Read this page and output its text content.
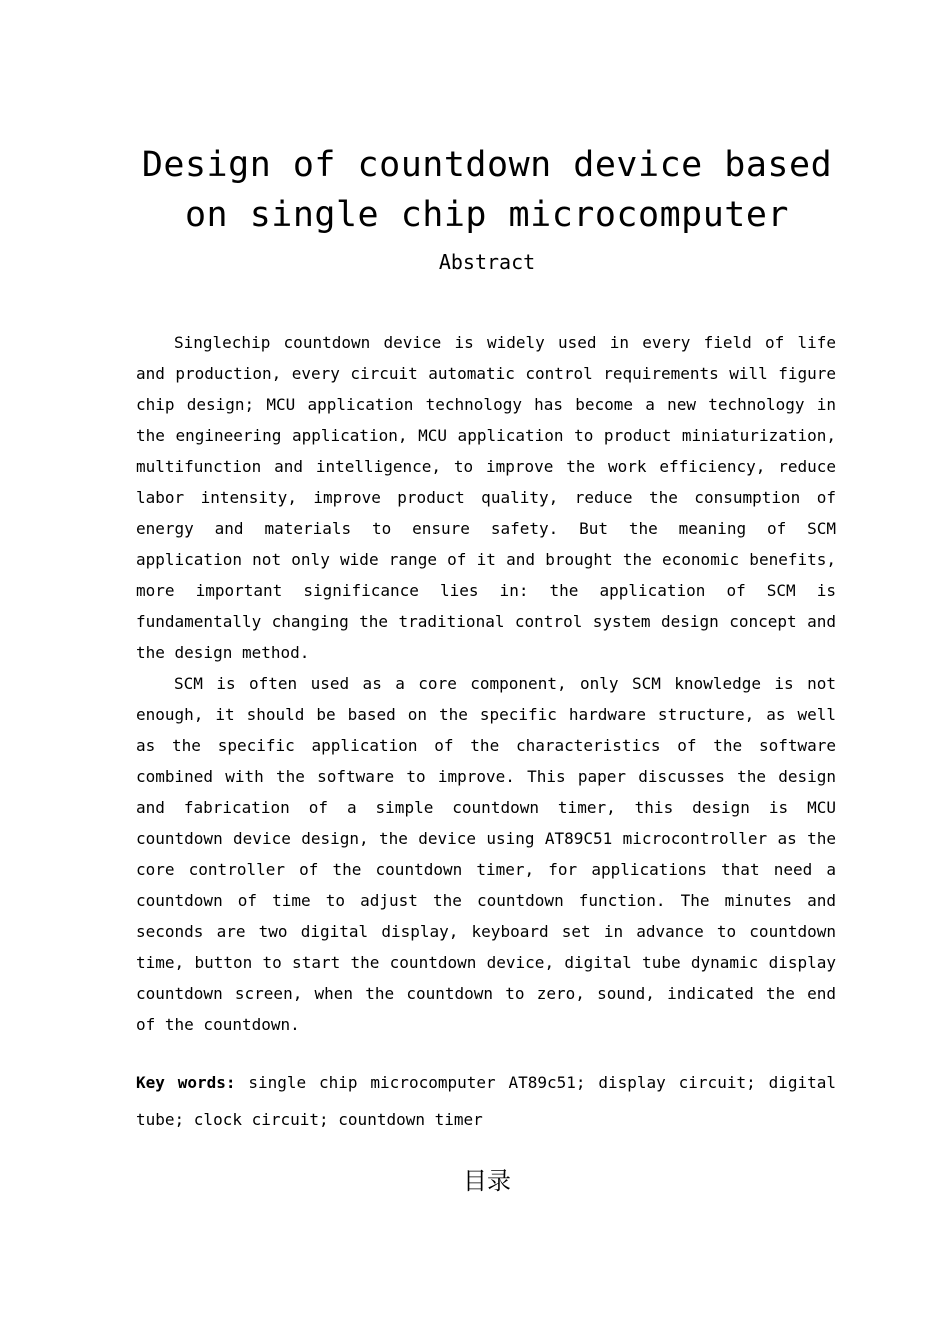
Design of countdown device based on single chip microcomputer
Abstract

Singlechip countdown device is widely used in every field of life and production, every circuit automatic control requirements will figure chip design; MCU application technology has become a new technology in the engineering application, MCU application to product miniaturization, multifunction and intelligence, to improve the work efficiency, reduce labor intensity, improve product quality, reduce the consumption of energy and materials to ensure safety. But the meaning of SCM application not only wide range of it and brought the economic benefits, more important significance lies in: the application of SCM is fundamentally changing the traditional control system design concept and the design method.

SCM is often used as a core component, only SCM knowledge is not enough, it should be based on the specific hardware structure, as well as the specific application of the characteristics of the software combined with the software to improve. This paper discusses the design and fabrication of a simple countdown timer, this design is MCU countdown device design, the device using AT89C51 microcontroller as the core controller of the countdown timer, for applications that need a countdown of time to adjust the countdown function. The minutes and seconds are two digital display, keyboard set in advance to countdown time, button to start the countdown device, digital tube dynamic display countdown screen, when the countdown to zero, sound, indicated the end of the countdown.

Key words: single chip microcomputer AT89c51; display circuit; digital tube; clock circuit; countdown timer

目录
